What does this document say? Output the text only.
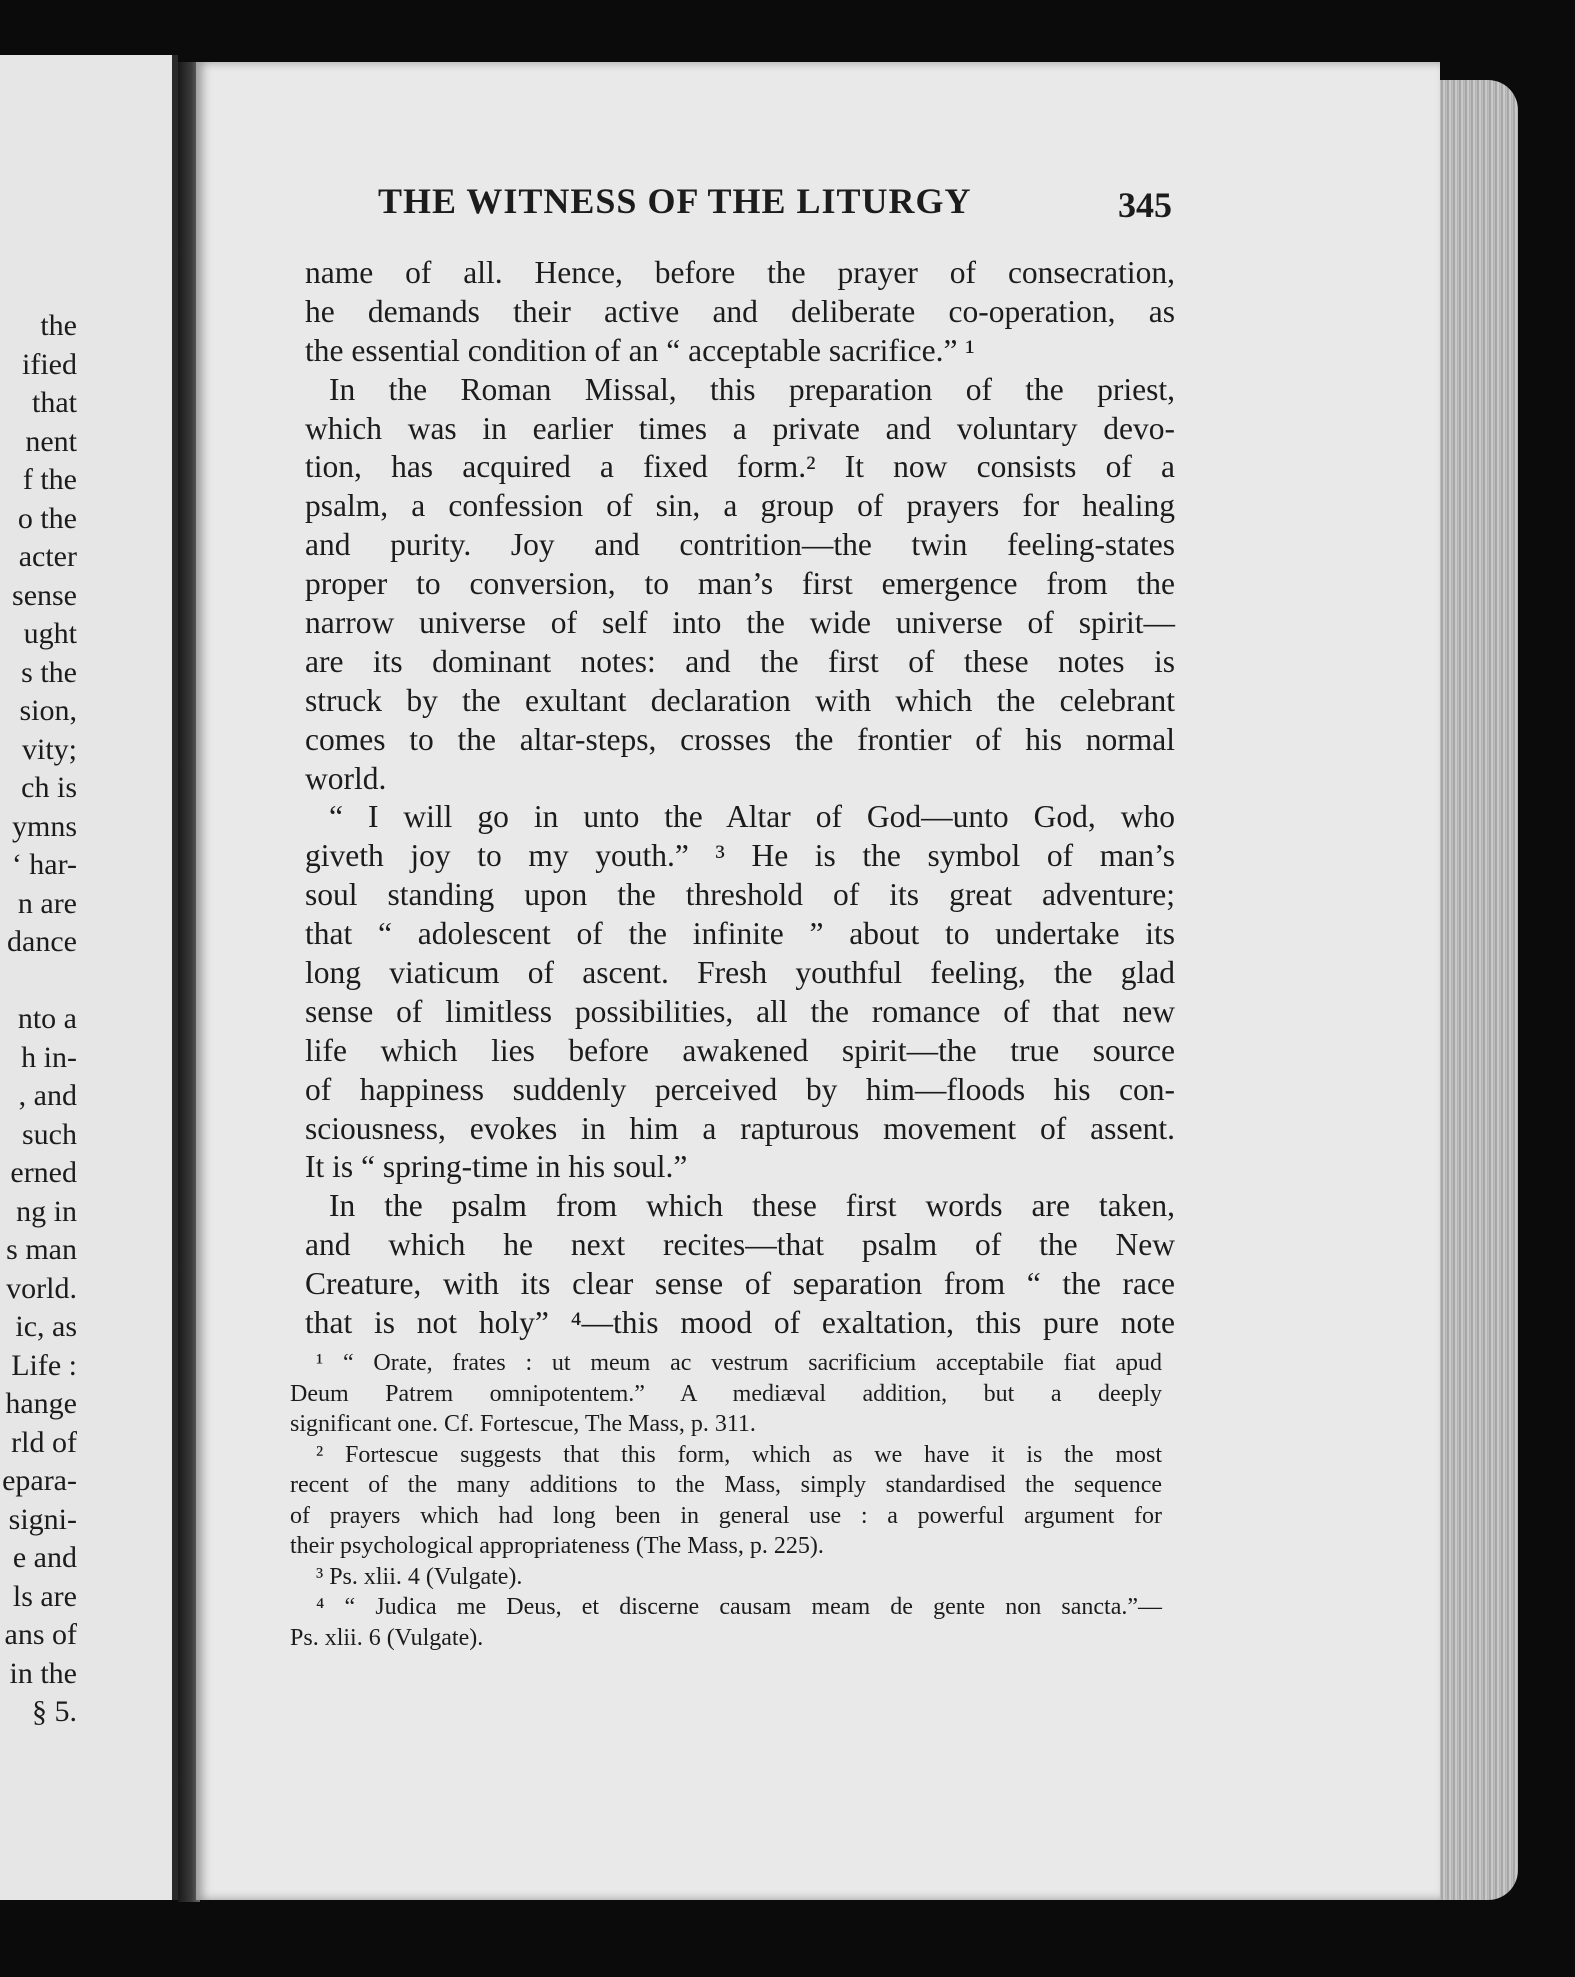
the
ified
that
nent
f the
o the
acter
sense
ught
s the
sion,
vity;
ch is
ymns
‘ har-
n are
dance
nto a
h in-
, and
such
erned
ng in
s man
vorld.
ic, as
Life :
hange
rld of
epara-
signi-
e and
ls are
ans of
in the
§ 5.
THE WITNESS OF THE LITURGY	345
name of all. Hence, before the prayer of consecration,
he demands their active and deliberate co-operation, as
the essential condition of an “ acceptable sacrifice.” ¹
In the Roman Missal, this preparation of the priest,
which was in earlier times a private and voluntary devo-
tion, has acquired a fixed form.² It now consists of a
psalm, a confession of sin, a group of prayers for healing
and purity. Joy and contrition—the twin feeling-states
proper to conversion, to man’s first emergence from the
narrow universe of self into the wide universe of spirit—
are its dominant notes: and the first of these notes is
struck by the exultant declaration with which the celebrant
comes to the altar-steps, crosses the frontier of his normal
world.
“ I will go in unto the Altar of God—unto God, who
giveth joy to my youth.” ³ He is the symbol of man’s
soul standing upon the threshold of its great adventure;
that “ adolescent of the infinite ” about to undertake its
long viaticum of ascent. Fresh youthful feeling, the glad
sense of limitless possibilities, all the romance of that new
life which lies before awakened spirit—the true source
of happiness suddenly perceived by him—floods his con-
sciousness, evokes in him a rapturous movement of assent.
It is “ spring-time in his soul.”
In the psalm from which these first words are taken,
and which he next recites—that psalm of the New
Creature, with its clear sense of separation from “ the race
that is not holy” ⁴—this mood of exaltation, this pure note
¹ “ Orate, frates : ut meum ac vestrum sacrificium acceptabile fiat apud
Deum Patrem omnipotentem.” A mediæval addition, but a deeply
significant one. Cf. Fortescue, The Mass, p. 311.
² Fortescue suggests that this form, which as we have it is the most
recent of the many additions to the Mass, simply standardised the sequence
of prayers which had long been in general use : a powerful argument for
their psychological appropriateness (The Mass, p. 225).
³ Ps. xlii. 4 (Vulgate).
⁴ “ Judica me Deus, et discerne causam meam de gente non sancta.”—
Ps. xlii. 6 (Vulgate).
